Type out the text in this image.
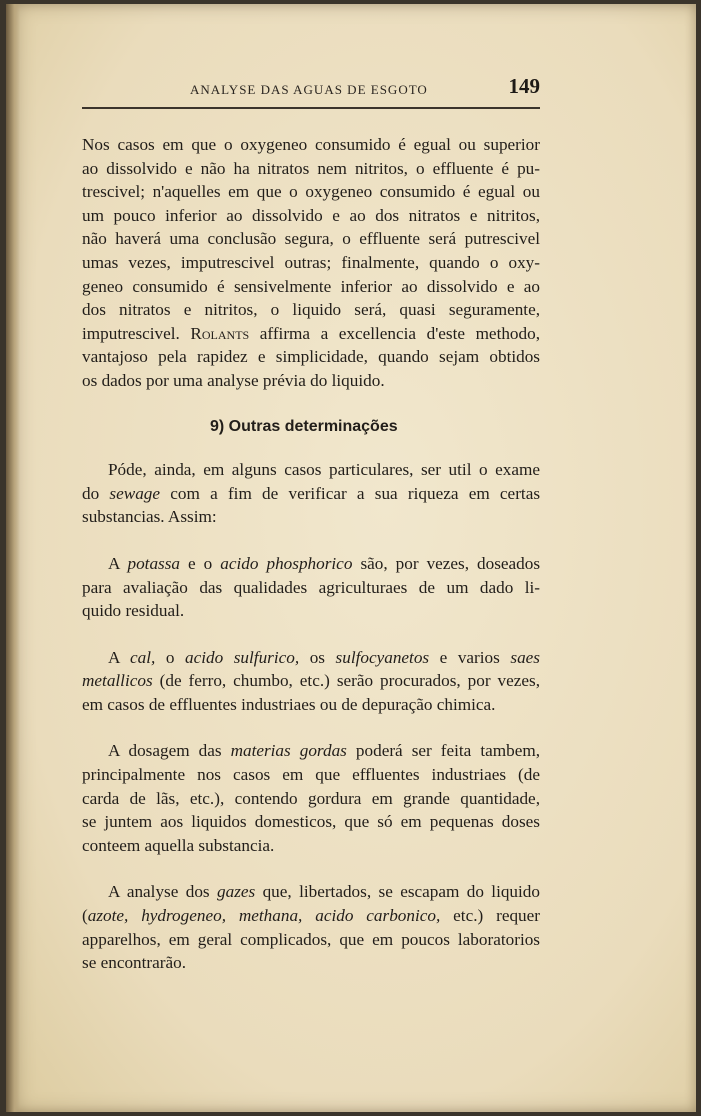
ANALYSE DAS AGUAS DE ESGOTO	149

Nos casos em que o oxygeneo consumido é egual ou superior
ao dissolvido e não ha nitratos nem nitritos, o effluente é pu-
trescivel; n'aquelles em que o oxygeneo consumido é egual ou
um pouco inferior ao dissolvido e ao dos nitratos e nitritos,
não haverá uma conclusão segura, o effluente será putrescivel
umas vezes, imputrescivel outras; finalmente, quando o oxy-
geneo consumido é sensivelmente inferior ao dissolvido e ao
dos nitratos e nitritos, o liquido será, quasi seguramente,
imputrescivel. Rolants affirma a excellencia d'este methodo,
vantajoso pela rapidez e simplicidade, quando sejam obtidos
os dados por uma analyse prévia do liquido.

9) Outras determinações

Póde, ainda, em alguns casos particulares, ser util o exame
do sewage com a fim de verificar a sua riqueza em certas
substancias. Assim:

A potassa e o acido phosphorico são, por vezes, doseados
para avaliação das qualidades agriculturaes de um dado li-
quido residual.

A cal, o acido sulfurico, os sulfocyanetos e varios saes
metallicos (de ferro, chumbo, etc.) serão procurados, por vezes,
em casos de effluentes industriaes ou de depuração chimica.

A dosagem das materias gordas poderá ser feita tambem,
principalmente nos casos em que effluentes industriaes (de
carda de lãs, etc.), contendo gordura em grande quantidade,
se juntem aos liquidos domesticos, que só em pequenas doses
conteem aquella substancia.

A analyse dos gazes que, libertados, se escapam do liquido
(azote, hydrogeneo, methana, acido carbonico, etc.) requer
apparelhos, em geral complicados, que em poucos laboratorios
se encontrarão.
